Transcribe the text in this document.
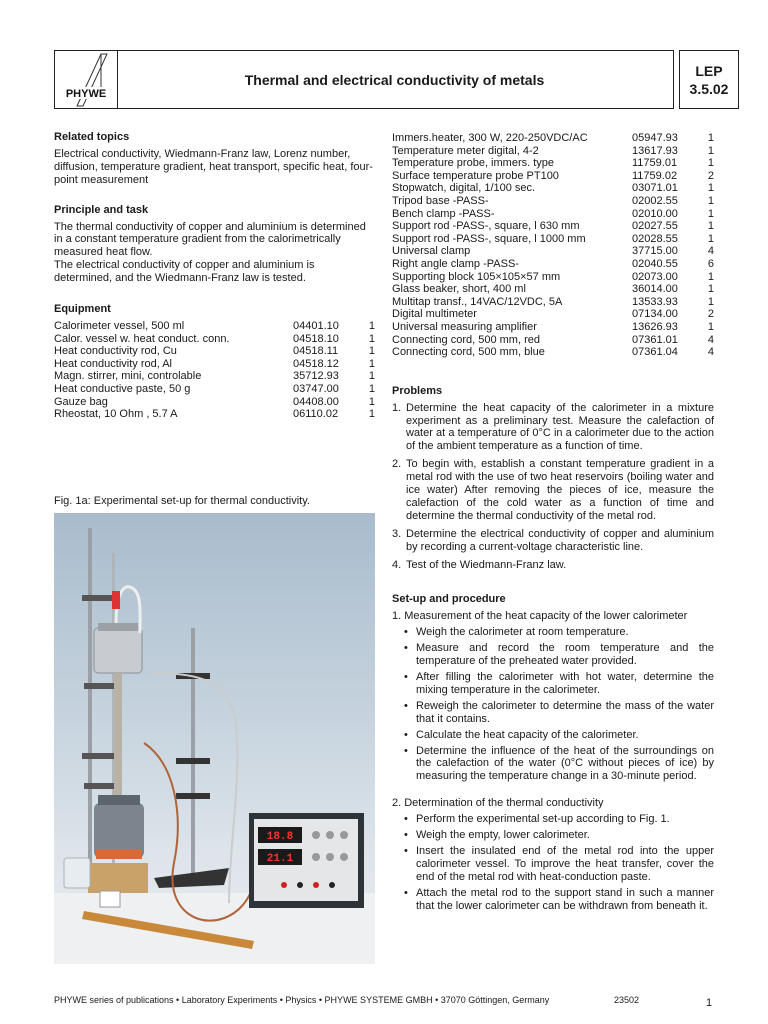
PHYWE
Thermal and electrical conductivity of metals
LEP
3.5.02
Related topics

Electrical conductivity, Wiedmann-Franz law, Lorenz number, diffusion, temperature gradient, heat transport, specific heat, four-point measurement

Principle and task

The thermal conductivity of copper and aluminium is determined in a constant temperature gradient from the calorimetrically measured heat flow.

The electrical conductivity of copper and aluminium is determined, and the Wiedmann-Franz law is tested.

Equipment
Calorimeter vessel, 500 ml	04401.10	1
Calor. vessel w. heat conduct. conn.	04518.10	1
Heat conductivity rod, Cu	04518.11	1
Heat conductivity rod, Al	04518.12	1
Magn. stirrer, mini, controlable	35712.93	1
Heat conductive paste, 50 g	03747.00	1
Gauze bag	04408.00	1
Rheostat, 10 Ohm , 5.7 A	06110.02	1
Fig. 1a: Experimental set-up for thermal conductivity.
18.8
21.1
Immers.heater, 300 W, 220-250VDC/AC	05947.93	1
Temperature meter digital, 4-2	13617.93	1
Temperature probe, immers. type	11759.01	1
Surface temperature probe PT100	11759.02	2
Stopwatch, digital, 1/100 sec.	03071.01	1
Tripod base -PASS-	02002.55	1
Bench clamp -PASS-	02010.00	1
Support rod -PASS-, square, l 630 mm	02027.55	1
Support rod -PASS-, square, l 1000 mm	02028.55	1
Universal clamp	37715.00	4
Right angle clamp -PASS-	02040.55	6
Supporting block 105×105×57 mm	02073.00	1
Glass beaker, short, 400 ml	36014.00	1
Multitap transf., 14VAC/12VDC, 5A	13533.93	1
Digital multimeter	07134.00	2
Universal measuring amplifier	13626.93	1
Connecting cord, 500 mm, red	07361.01	4
Connecting cord, 500 mm, blue	07361.04	4
Problems
1. Determine the heat capacity of the calorimeter in a mixture experiment as a preliminary test. Measure the calefaction of water at a temperature of 0°C in a calorimeter due to the action of the ambient temperature as a function of time.
2. To begin with, establish a constant temperature gradient in a metal rod with the use of two heat reservoirs (boiling water and ice water) After removing the pieces of ice, measure the calefaction of the cold water as a function of time and determine the thermal conductivity of the metal rod.
3. Determine the electrical conductivity of copper and aluminium by recording a current-voltage characteristic line.
4. Test of the Wiedmann-Franz law.
Set-up and procedure
1. Measurement of the heat capacity of the lower calorimeter
• Weigh the calorimeter at room temperature.
• Measure and record the room temperature and the temperature of the preheated water provided.
• After filling the calorimeter with hot water, determine the mixing temperature in the calorimeter.
• Reweigh the calorimeter to determine the mass of the water that it contains.
• Calculate the heat capacity of the calorimeter.
• Determine the influence of the heat of the surroundings on the calefaction of the water (0°C without pieces of ice) by measuring the temperature change in a 30-minute period.
2. Determination of the thermal conductivity
• Perform the experimental set-up according to Fig. 1.
• Weigh the empty, lower calorimeter.
• Insert the insulated end of the metal rod into the upper calorimeter vessel. To improve the heat transfer, cover the end of the metal rod with heat-conduction paste.
• Attach the metal rod to the support stand in such a manner that the lower calorimeter can be withdrawn from beneath it.
PHYWE series of publications • Laboratory Experiments • Physics • PHYWE SYSTEME GMBH • 37070 Göttingen, Germany	23502	1
